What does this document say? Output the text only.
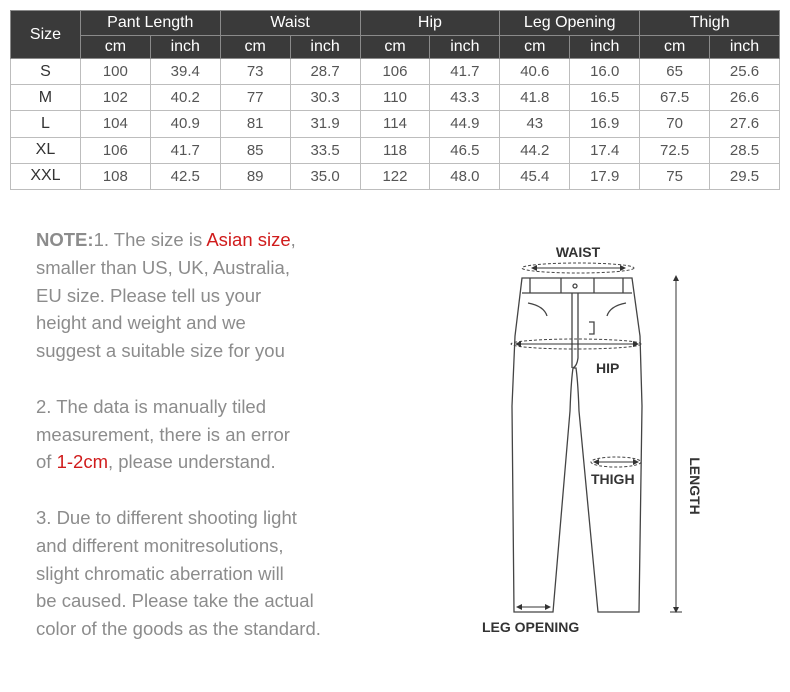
Size	Pant Length		Waist		Hip		Leg Opening		Thigh	
	cm	inch	cm	inch	cm	inch	cm	inch	cm	inch
S	100	39.4	73	28.7	106	41.7	40.6	16.0	65	25.6
M	102	40.2	77	30.3	110	43.3	41.8	16.5	67.5	26.6
L	104	40.9	81	31.9	114	44.9	43	16.9	70	27.6
XL	106	41.7	85	33.5	118	46.5	44.2	17.4	72.5	28.5
XXL	108	42.5	89	35.0	122	48.0	45.4	17.9	75	29.5
NOTE:1. The size is Asian size,
smaller than US, UK, Australia,
EU size. Please tell us your
height and weight and we
suggest a suitable size for you
2. The data is manually tiled
measurement, there is an error
of 1-2cm, please understand.
3. Due to different shooting light
and different monitresolutions,
slight chromatic aberration will
be caused. Please take the actual
color of the goods as the standard.
WAIST
HIP
THIGH	LENGTH
LEG OPENING
